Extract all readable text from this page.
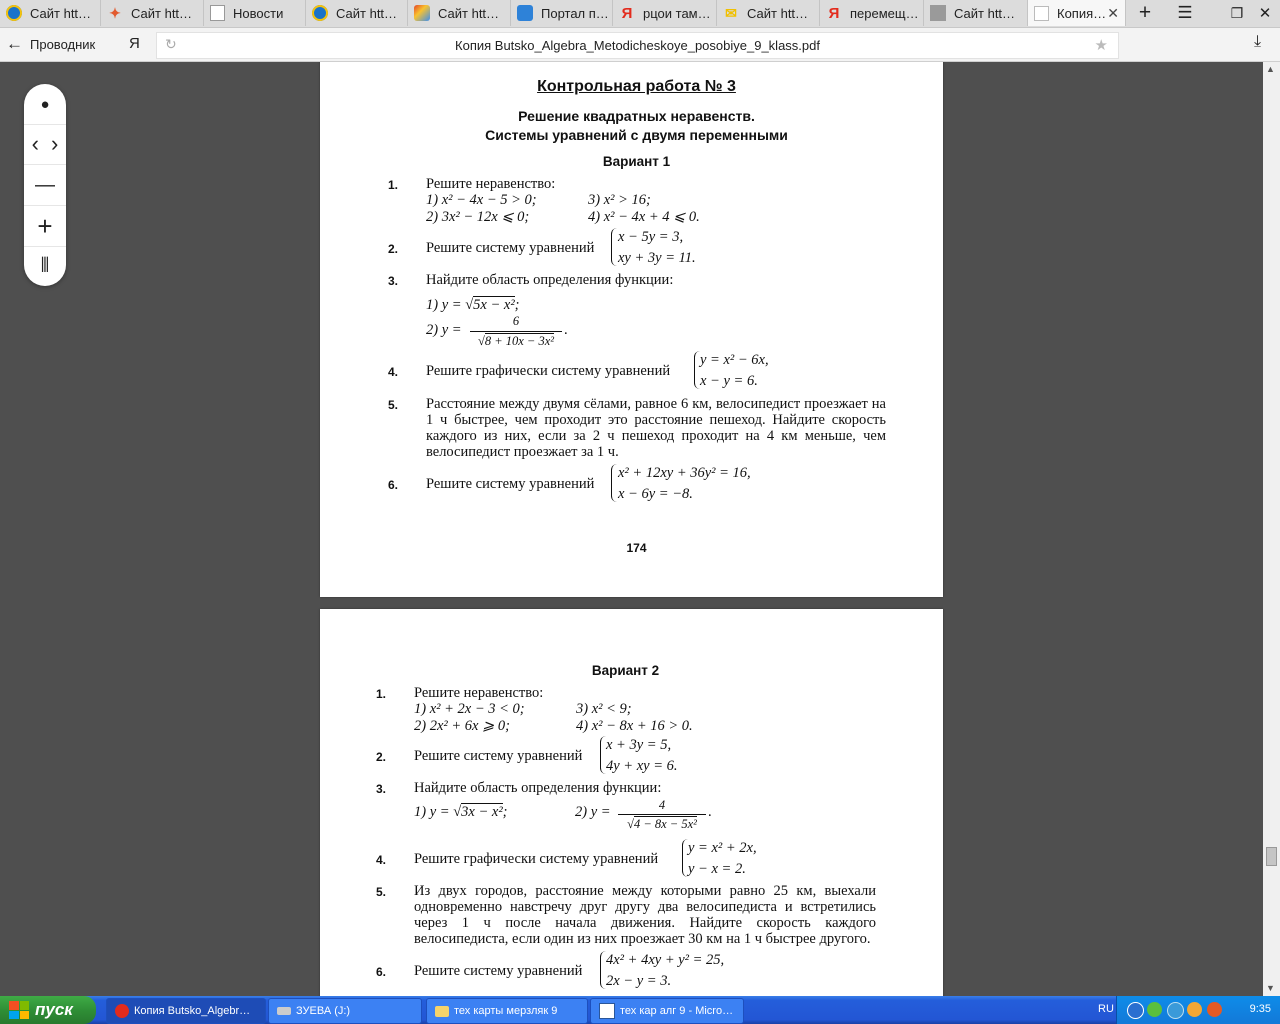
Сайт htt… ✦ Сайт htt…	Новости	Сайт htt…	Сайт htt…	Портал п… Я рцои там… ✉ Сайт htt… Я перемещ…	Сайт htt…	Копия… ✕ +	☰	❐	✕
← Проводник Я ↻	Копия Butsko_Algebra_Metodicheskoye_posobiye_9_klass.pdf	★	⤓
Контрольная работа № 3
Решение квадратных неравенств.
Системы уравнений с двумя переменными
Вариант 1
1. Решите неравенство:
1) x² − 4x − 5 > 0;	3) x² > 16;
2) 3x² − 12x ⩽ 0;	4) x² − 4x + 4 ⩽ 0.
2. Решите систему уравнений
x − 5y = 3,
xy + 3y = 11.
3. Найдите область определения функции:
1) y = √5x − x²;
2) y =
6
√8 + 10x − 3x²
.
4. Решите графически систему уравнений
y = x² − 6x,
x − y = 6.
5. Расстояние между двумя сёлами, равное 6 км, велосипедист проезжает на 1 ч быстрее, чем проходит это расстояние пешеход. Найдите скорость каждого из них, если за 2 ч пешеход проходит на 4 км меньше, чем велосипедист проезжает за 1 ч.
6. Решите систему уравнений
x² + 12xy + 36y² = 16,
x − 6y = −8.
174
Вариант 2
1. Решите неравенство:
1) x² + 2x − 3 < 0;	3) x² < 9;
2) 2x² + 6x ⩾ 0;	4) x² − 8x + 16 > 0.
2. Решите систему уравнений
x + 3y = 5,
4y + xy = 6.
3. Найдите область определения функции:
1) y = √3x − x²;	2) y =	4
√4 − 8x − 5x²
.
4. Решите графически систему уравнений
y = x² + 2x,
y − x = 2.
5. Из двух городов, расстояние между которыми равно 25 км, выехали одновременно навстречу друг другу два велосипедиста и встретились через 1 ч после начала движения. Найдите скорость каждого велосипедиста, если один из них проезжает 30 км на 1 ч быстрее другого.
6. Решите систему уравнений
4x² + 4xy + y² = 25,
2x − y = 3.
●
‹ ›
—
+
⫴
▲
▼
пуск	Копия Butsko_Algebr…	ЗУЕВА (J:)	тех карты мерзляк 9	тех кар алг 9 - Micro…	RU	9:35
